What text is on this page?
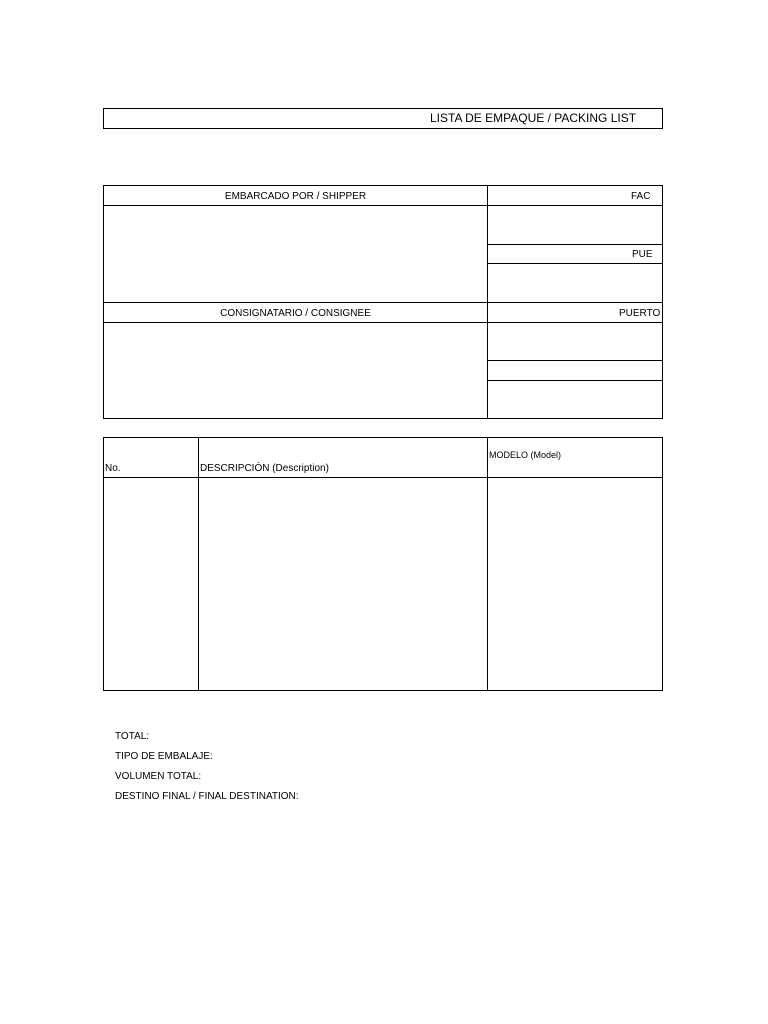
LISTA DE EMPAQUE / PACKING LIST
EMBARCADO POR / SHIPPER
CONSIGNATARIO / CONSIGNEE
FAC
PUE
PUERTO
No.	DESCRIPCIÓN (Description)
MODELO (Model)
TOTAL:
TIPO DE EMBALAJE:
VOLUMEN TOTAL:
DESTINO FINAL / FINAL DESTINATION:
